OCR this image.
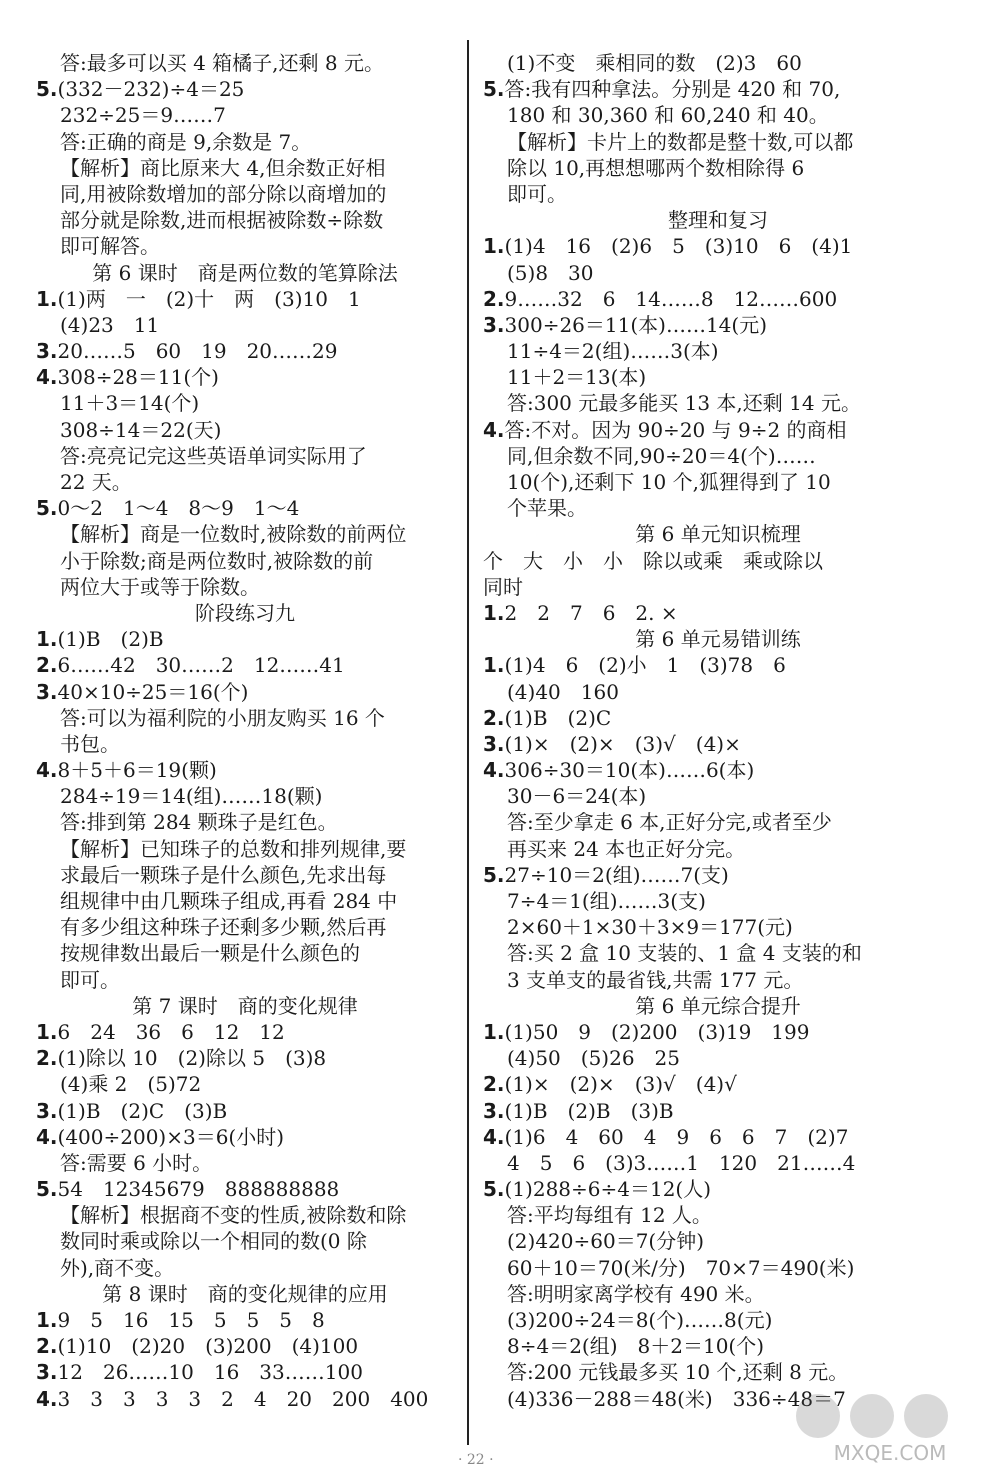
答:最多可以买 4 箱橘子,还剩 8 元。
5.(332－232)÷4＝25
232÷25＝9……7
答:正确的商是 9,余数是 7。
【解析】商比原来大 4,但余数正好相
同,用被除数增加的部分除以商增加的
部分就是除数,进而根据被除数÷除数
即可解答。
第 6 课时　商是两位数的笔算除法
1.(1)两　一　(2)十　两　(3)10　1
(4)23　11
3.20……5　60　19　20……29
4.308÷28＝11(个)
11＋3＝14(个)
308÷14＝22(天)
答:亮亮记完这些英语单词实际用了
22 天。
5.0～2　1～4　8～9　1～4
【解析】商是一位数时,被除数的前两位
小于除数;商是两位数时,被除数的前
两位大于或等于除数。
阶段练习九
1.(1)B　(2)B
2.6……42　30……2　12……41
3.40×10÷25＝16(个)
答:可以为福利院的小朋友购买 16 个
书包。
4.8＋5＋6＝19(颗)
284÷19＝14(组)……18(颗)
答:排到第 284 颗珠子是红色。
【解析】已知珠子的总数和排列规律,要
求最后一颗珠子是什么颜色,先求出每
组规律中由几颗珠子组成,再看 284 中
有多少组这种珠子还剩多少颗,然后再
按规律数出最后一颗是什么颜色的
即可。
第 7 课时　商的变化规律
1.6　24　36　6　12　12
2.(1)除以 10　(2)除以 5　(3)8
(4)乘 2　(5)72
3.(1)B　(2)C　(3)B
4.(400÷200)×3＝6(小时)
答:需要 6 小时。
5.54　12345679　888888888
【解析】根据商不变的性质,被除数和除
数同时乘或除以一个相同的数(0 除
外),商不变。
第 8 课时　商的变化规律的应用
1.9　5　16　15　5　5　5　8
2.(1)10　(2)20　(3)200　(4)100
3.12　26……10　16　33……100
4.3　3　3　3　3　2　4　20　200　400
(1)不变　乘相同的数　(2)3　60
5.答:我有四种拿法。分别是 420 和 70,
180 和 30,360 和 60,240 和 40。
【解析】卡片上的数都是整十数,可以都
除以 10,再想想哪两个数相除得 6
即可。
整理和复习
1.(1)4　16　(2)6　5　(3)10　6　(4)1
(5)8　30
2.9……32　6　14……8　12……600
3.300÷26＝11(本)……14(元)
11÷4＝2(组)……3(本)
11＋2＝13(本)
答:300 元最多能买 13 本,还剩 14 元。
4.答:不对。因为 90÷20 与 9÷2 的商相
同,但余数不同,90÷20＝4(个)……
10(个),还剩下 10 个,狐狸得到了 10
个苹果。
第 6 单元知识梳理
个　大　小　小　除以或乘　乘或除以
同时
1.2　2　7　6　2. ×
第 6 单元易错训练
1.(1)4　6　(2)小　1　(3)78　6
(4)40　160
2.(1)B　(2)C
3.(1)×　(2)×　(3)√　(4)×
4.306÷30＝10(本)……6(本)
30－6＝24(本)
答:至少拿走 6 本,正好分完,或者至少
再买来 24 本也正好分完。
5.27÷10＝2(组)……7(支)
7÷4＝1(组)……3(支)
2×60＋1×30＋3×9＝177(元)
答:买 2 盒 10 支装的、1 盒 4 支装的和
3 支单支的最省钱,共需 177 元。
第 6 单元综合提升
1.(1)50　9　(2)200　(3)19　199
(4)50　(5)26　25
2.(1)×　(2)×　(3)√　(4)√
3.(1)B　(2)B　(3)B
4.(1)6　4　60　4　9　6　6　7　(2)7
4　5　6　(3)3……1　120　21……4
5.(1)288÷6÷4＝12(人)
答:平均每组有 12 人。
(2)420÷60＝7(分钟)
60＋10＝70(米/分)　70×7＝490(米)
答:明明家离学校有 490 米。
(3)200÷24＝8(个)……8(元)
8÷4＝2(组)　8＋2＝10(个)
答:200 元钱最多买 10 个,还剩 8 元。
(4)336－288＝48(米)　336÷48＝7
· 22 ·	MXQE.COM
